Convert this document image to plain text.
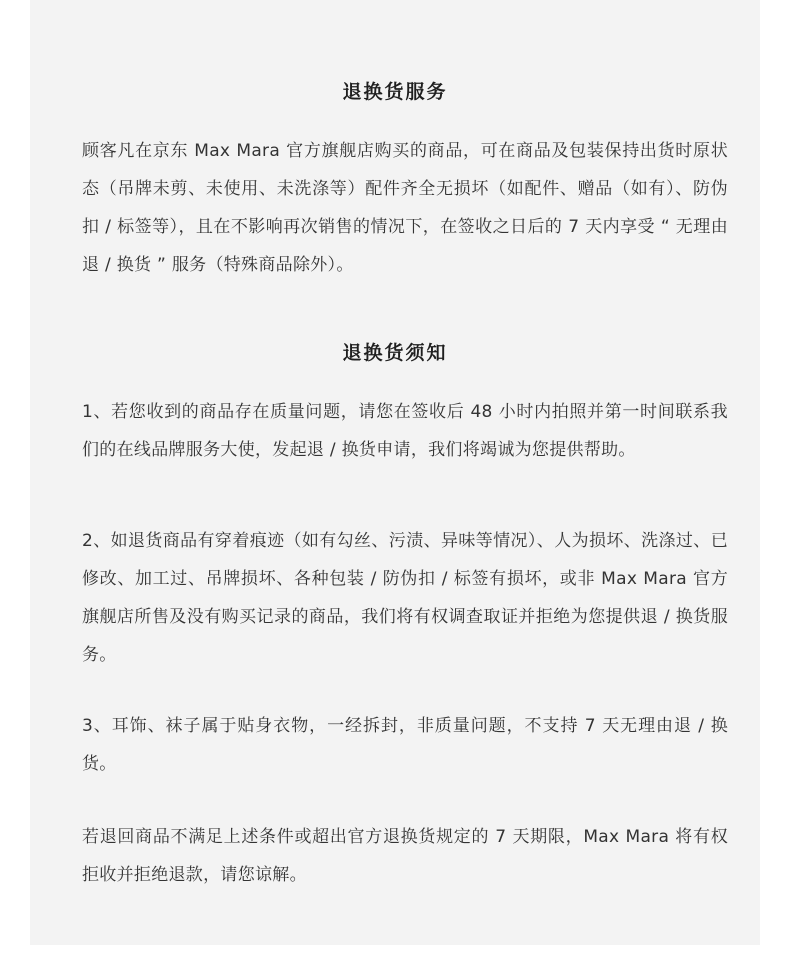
退换货服务

顾客凡在京东 Max Mara 官方旗舰店购买的商品，可在商品及包装保持出货时原状态（吊牌未剪、未使用、未洗涤等）配件齐全无损坏（如配件、赠品（如有）、防伪扣 / 标签等），且在不影响再次销售的情况下，在签收之日后的 7 天内享受 “ 无理由退 / 换货 ” 服务（特殊商品除外）。

退换货须知

1、若您收到的商品存在质量问题，请您在签收后 48 小时内拍照并第一时间联系我们的在线品牌服务大使，发起退 / 换货申请，我们将竭诚为您提供帮助。

2、如退货商品有穿着痕迹（如有勾丝、污渍、异味等情况）、人为损坏、洗涤过、已修改、加工过、吊牌损坏、各种包装 / 防伪扣 / 标签有损坏，或非 Max Mara 官方旗舰店所售及没有购买记录的商品，我们将有权调查取证并拒绝为您提供退 / 换货服务。

3、耳饰、袜子属于贴身衣物，一经拆封，非质量问题，不支持 7 天无理由退 / 换货。

若退回商品不满足上述条件或超出官方退换货规定的 7 天期限，Max Mara 将有权拒收并拒绝退款，请您谅解。
